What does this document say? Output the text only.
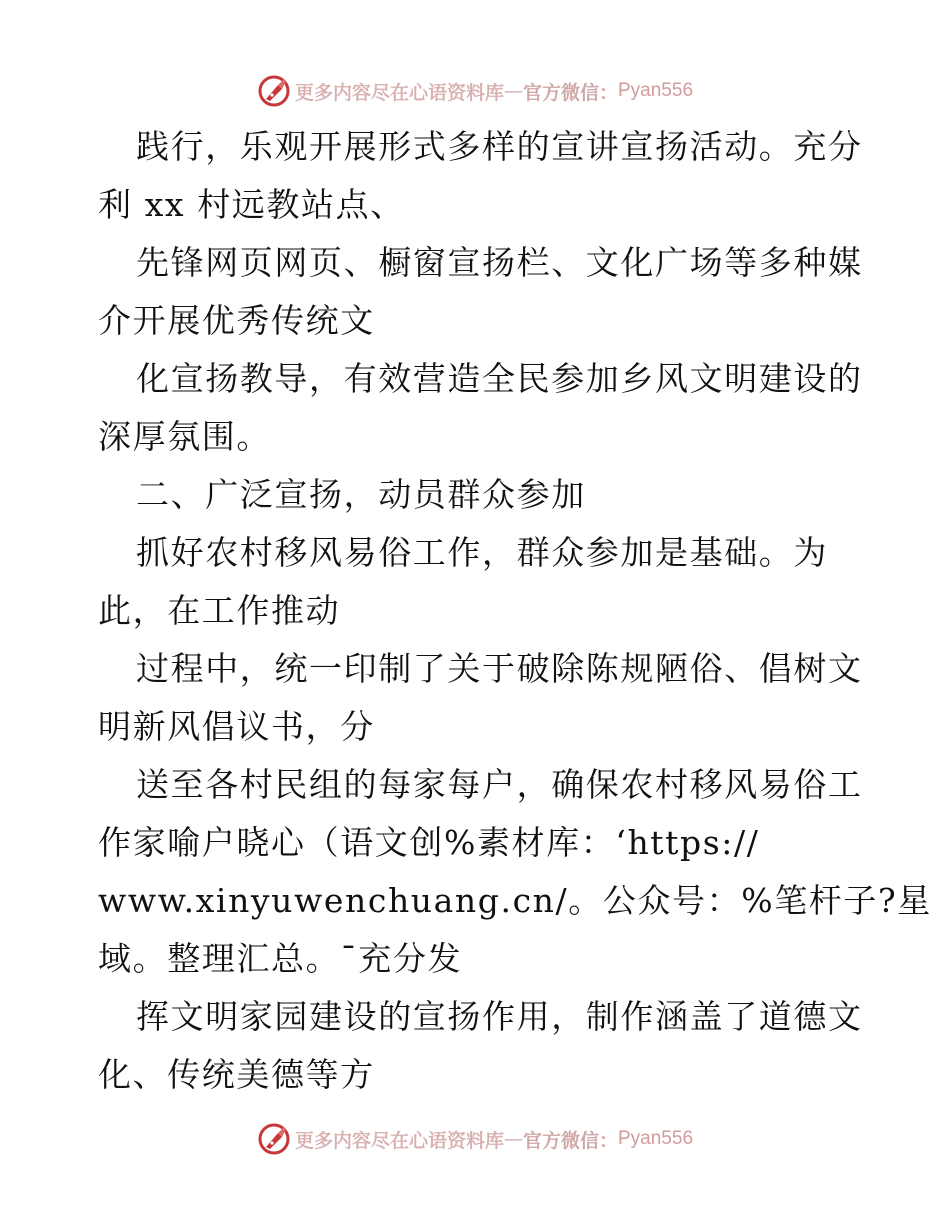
更多内容尽在心语资料库 — 官方微信： Pyan556
践行，乐观开展形式多样的宣讲宣扬活动。充分
利 xx 村远教站点、
先锋网页网页、橱窗宣扬栏、文化广场等多种媒
介开展优秀传统文
化宣扬教导，有效营造全民参加乡风文明建设的
深厚氛围。
二、广泛宣扬，动员群众参加
抓好农村移风易俗工作，群众参加是基础。为
此，在工作推动
过程中，统一印制了关于破除陈规陋俗、倡树文
明新风倡议书，分
送至各村民组的每家每户，确保农村移风易俗工
作家喻户晓心（语文创%素材库：‘https://
www.xinyuwenchuang.cn/。公众号：%笔杆子?星
域。整理汇总。¯充分发
挥文明家园建设的宣扬作用，制作涵盖了道德文
化、传统美德等方
更多内容尽在心语资料库 — 官方微信： Pyan556
